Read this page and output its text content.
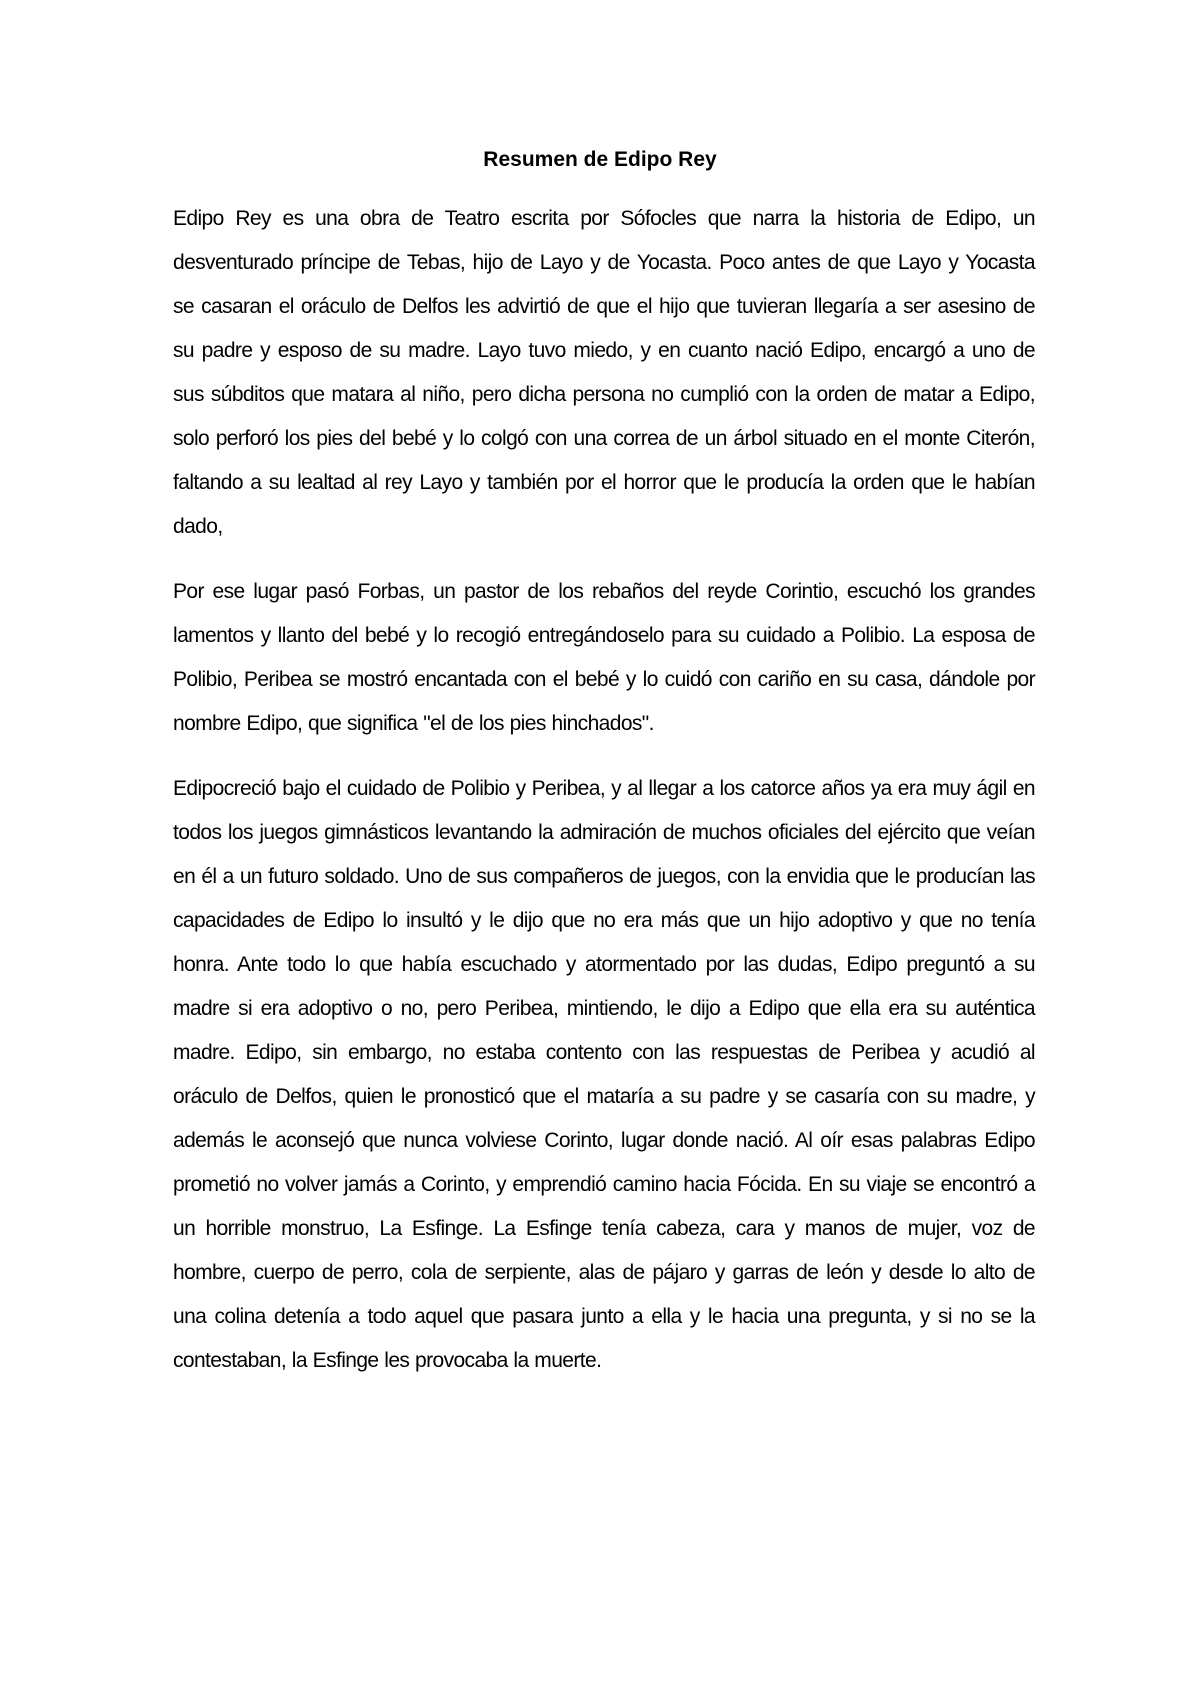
Resumen de Edipo Rey

Edipo Rey es una obra de Teatro escrita por Sófocles que narra la historia de Edipo, un desventurado príncipe de Tebas, hijo de Layo y de Yocasta. Poco antes de que Layo y Yocasta se casaran el oráculo de Delfos les advirtió de que el hijo que tuvieran llegaría a ser asesino de su padre y esposo de su madre. Layo tuvo miedo, y en cuanto nació Edipo, encargó a uno de sus súbditos que matara al niño, pero dicha persona no cumplió con la orden de matar a Edipo, solo perforó los pies del bebé y lo colgó con una correa de un árbol situado en el monte Citerón, faltando a su lealtad al rey Layo y también por el horror que le producía la orden que le habían dado,

Por ese lugar pasó Forbas, un pastor de los rebaños del reyde Corintio, escuchó los grandes lamentos y llanto del bebé y lo recogió entregándoselo para su cuidado a Polibio. La esposa de Polibio, Peribea se mostró encantada con el bebé y lo cuidó con cariño en su casa, dándole por nombre Edipo, que significa "el de los pies hinchados".

Edipocreció bajo el cuidado de Polibio y Peribea, y al llegar a los catorce años ya era muy ágil en todos los juegos gimnásticos levantando la admiración de muchos oficiales del ejército que veían en él a un futuro soldado. Uno de sus compañeros de juegos, con la envidia que le producían las capacidades de Edipo lo insultó y le dijo que no era más que un hijo adoptivo y que no tenía honra. Ante todo lo que había escuchado y atormentado por las dudas, Edipo preguntó a su madre si era adoptivo o no, pero Peribea, mintiendo, le dijo a Edipo que ella era su auténtica madre. Edipo, sin embargo, no estaba contento con las respuestas de Peribea y acudió al oráculo de Delfos, quien le pronosticó que el mataría a su padre y se casaría con su madre, y además le aconsejó que nunca volviese Corinto, lugar donde nació. Al oír esas palabras Edipo prometió no volver jamás a Corinto, y emprendió camino hacia Fócida. En su viaje se encontró a un horrible monstruo, La Esfinge. La Esfinge tenía cabeza, cara y manos de mujer, voz de hombre, cuerpo de perro, cola de serpiente, alas de pájaro y garras de león y desde lo alto de una colina detenía a todo aquel que pasara junto a ella y le hacia una pregunta, y si no se la contestaban, la Esfinge les provocaba la muerte.
